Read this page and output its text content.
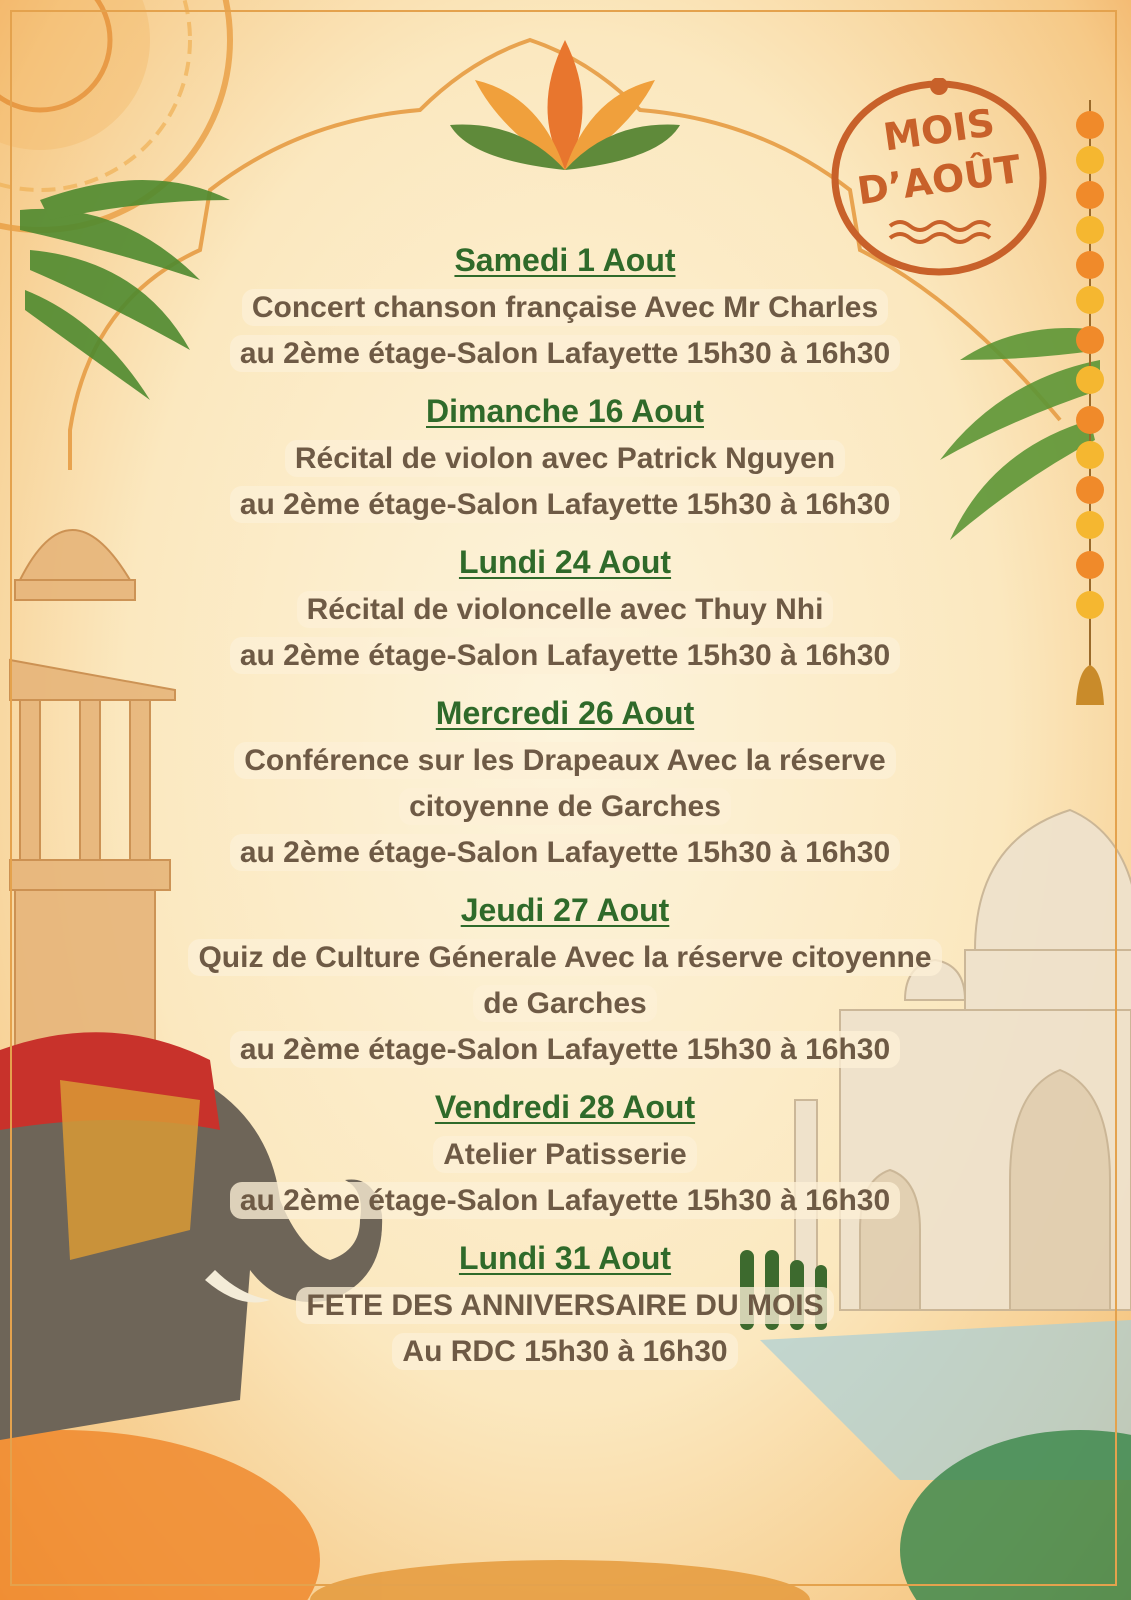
MOIS
D’AOÛT
Samedi 1 Aout
Concert chanson française Avec Mr Charles
au 2ème étage-Salon Lafayette 15h30 à 16h30
Dimanche 16 Aout
Récital de violon avec Patrick Nguyen
au 2ème étage-Salon Lafayette 15h30 à 16h30
Lundi 24 Aout
Récital de violoncelle avec Thuy Nhi
au 2ème étage-Salon Lafayette 15h30 à 16h30
Mercredi 26 Aout
Conférence sur les Drapeaux Avec la réserve
citoyenne de Garches
au 2ème étage-Salon Lafayette 15h30 à 16h30
Jeudi 27 Aout
Quiz de Culture Génerale Avec la réserve citoyenne
de Garches
au 2ème étage-Salon Lafayette 15h30 à 16h30
Vendredi 28 Aout
Atelier Patisserie
au 2ème étage-Salon Lafayette 15h30 à 16h30
Lundi 31 Aout
FETE DES ANNIVERSAIRE DU MOIS
Au RDC 15h30 à 16h30
